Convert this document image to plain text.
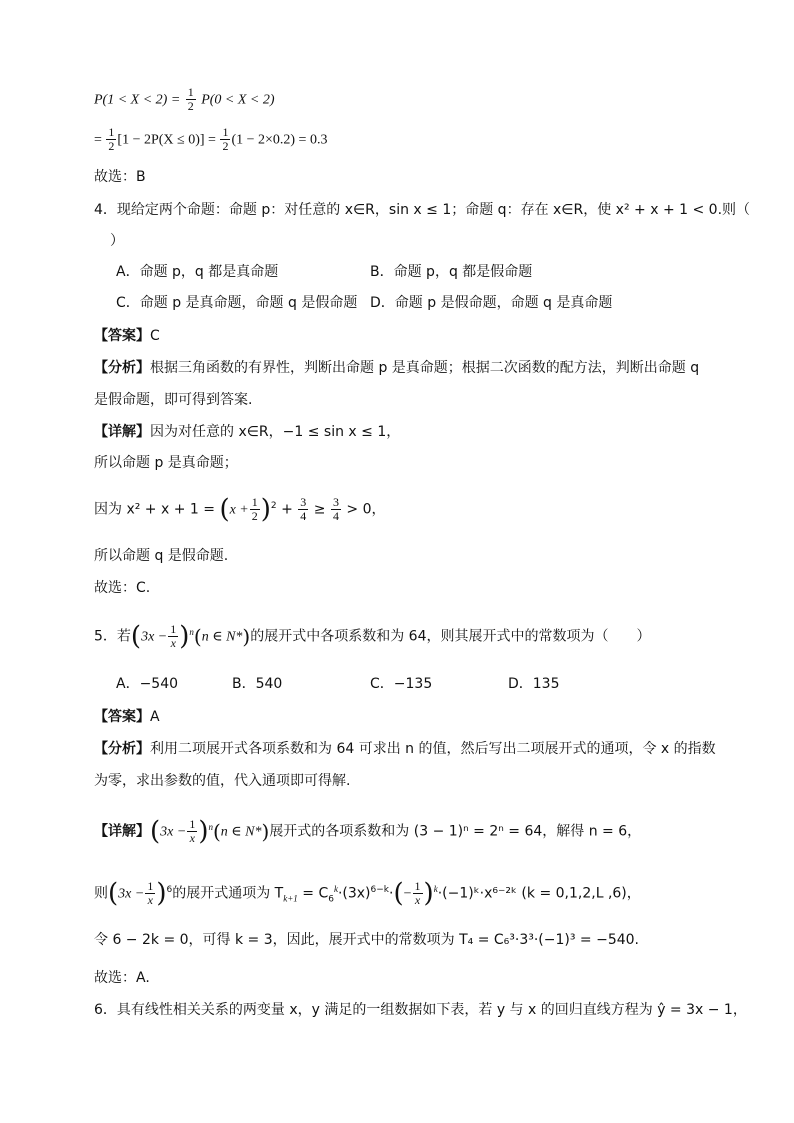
$P(1 < X < 2) = \frac{1}{2} P(0 < X < 2)$
= $\frac{1}{2} [1 - 2P(X \le 0)] = \frac{1}{2} (1 - 2\times 0.2) = 0.3$
故选：B
4．现给定两个命题：命题 p：对任意的 x∈R，sin x ≤ 1；命题 q：存在 x∈R，使 x² + x + 1 < 0.则（
）
A．命题 p，q 都是真命题	B．命题 p，q 都是假命题
C．命题 p 是真命题，命题 q 是假命题 D．命题 p 是假命题，命题 q 是真命题
【答案】C
【分析】根据三角函数的有界性，判断出命题 p 是真命题；根据二次函数的配方法，判断出命题 q
是假命题，即可得到答案.
【详解】因为对任意的 x∈R，−1 ≤ sin x ≤ 1，
所以命题 p 是真命题；
因为 $x^2 + x + 1 = (x + \frac{1}{2} )^2 + \frac{3}{4} \ge \frac{3}{4} > 0$，
所以命题 q 是假命题.
故选：C.
5．若$(3x - \frac{1}{x} )^n(n$ ∈ N*)的展开式中各项系数和为 64，则其展开式中的常数项为（　　）
A．−540	B．540	C．−135	D．135
【答案】A
【分析】利用二项展开式各项系数和为 64 可求出 n 的值，然后写出二项展开式的通项，令 x 的指数
为零，求出参数的值，代入通项即可得解.
【详解】$(3x - \frac{1}{x} )^n(n$ ∈ N*)展开式的各项系数和为 (3 − 1)ⁿ = 2ⁿ = 64，解得 n = 6，
则$(3x - \frac{1}{x} )^6$的展开式通项为 $T_{k+1} = C_6^k\cdot(3x)^{6-k}\cdot(- \frac{1}{x}$ )$^k\cdot(-1)ᵏ\cdot x^{6-2}ᵏ$ (k = 0,1,2,L ,6)，
令 6 − 2k = 0，可得 k = 3，因此，展开式中的常数项为 T₄ = C₆³·3³·(−1)³ = −540.
故选：A.
6．具有线性相关关系的两变量 x，y 满足的一组数据如下表，若 y 与 x 的回归直线方程为 ŷ = 3x − 1，
